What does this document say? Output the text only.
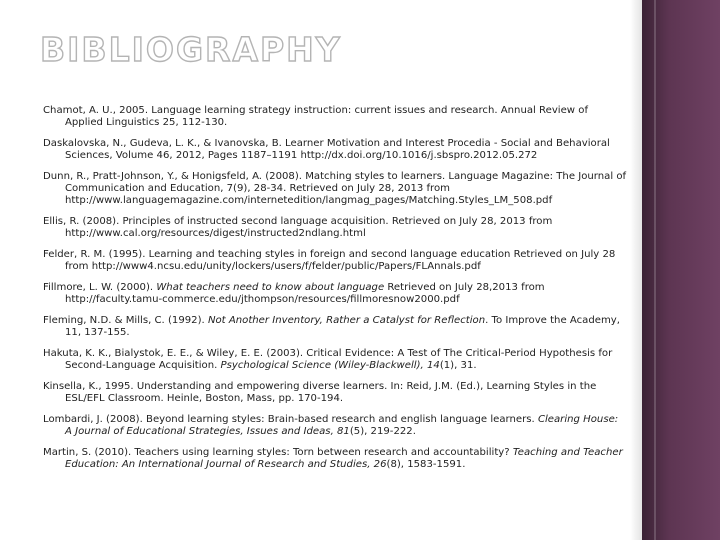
BIBLIOGRAPHY

Chamot, A. U., 2005. Language learning strategy instruction: current issues and research. Annual Review of Applied Linguistics 25, 112-130.

Daskalovska, N., Gudeva, L. K., & Ivanovska, B. Learner Motivation and Interest Procedia - Social and Behavioral Sciences, Volume 46, 2012, Pages 1187–1191 http://dx.doi.org/10.1016/j.sbspro.2012.05.272

Dunn, R., Pratt-Johnson, Y., & Honigsfeld, A. (2008). Matching styles to learners. Language Magazine: The Journal of Communication and Education, 7(9), 28-34. Retrieved on July 28, 2013 from http://www.languagemagazine.com/internetedition/langmag_pages/Matching.Styles_LM_508.pdf

Ellis, R. (2008). Principles of instructed second language acquisition. Retrieved on July 28, 2013 from http://www.cal.org/resources/digest/instructed2ndlang.html

Felder, R. M. (1995). Learning and teaching styles in foreign and second language education Retrieved on July 28 from http://www4.ncsu.edu/unity/lockers/users/f/felder/public/Papers/FLAnnals.pdf

Fillmore, L. W. (2000). What teachers need to know about language Retrieved on July 28,2013 from http://faculty.tamu-commerce.edu/jthompson/resources/fillmoresnow2000.pdf

Fleming, N.D. & Mills, C. (1992). Not Another Inventory, Rather a Catalyst for Reflection. To Improve the Academy, 11, 137-155.

Hakuta, K. K., Bialystok, E. E., & Wiley, E. E. (2003). Critical Evidence: A Test of The Critical-Period Hypothesis for Second-Language Acquisition. Psychological Science (Wiley-Blackwell), 14(1), 31.

Kinsella, K., 1995. Understanding and empowering diverse learners. In: Reid, J.M. (Ed.), Learning Styles in the ESL/EFL Classroom. Heinle, Boston, Mass, pp. 170-194.

Lombardi, J. (2008). Beyond learning styles: Brain-based research and english language learners. Clearing House: A Journal of Educational Strategies, Issues and Ideas, 81(5), 219-222.

Martin, S. (2010). Teachers using learning styles: Torn between research and accountability? Teaching and Teacher Education: An International Journal of Research and Studies, 26(8), 1583-1591.
